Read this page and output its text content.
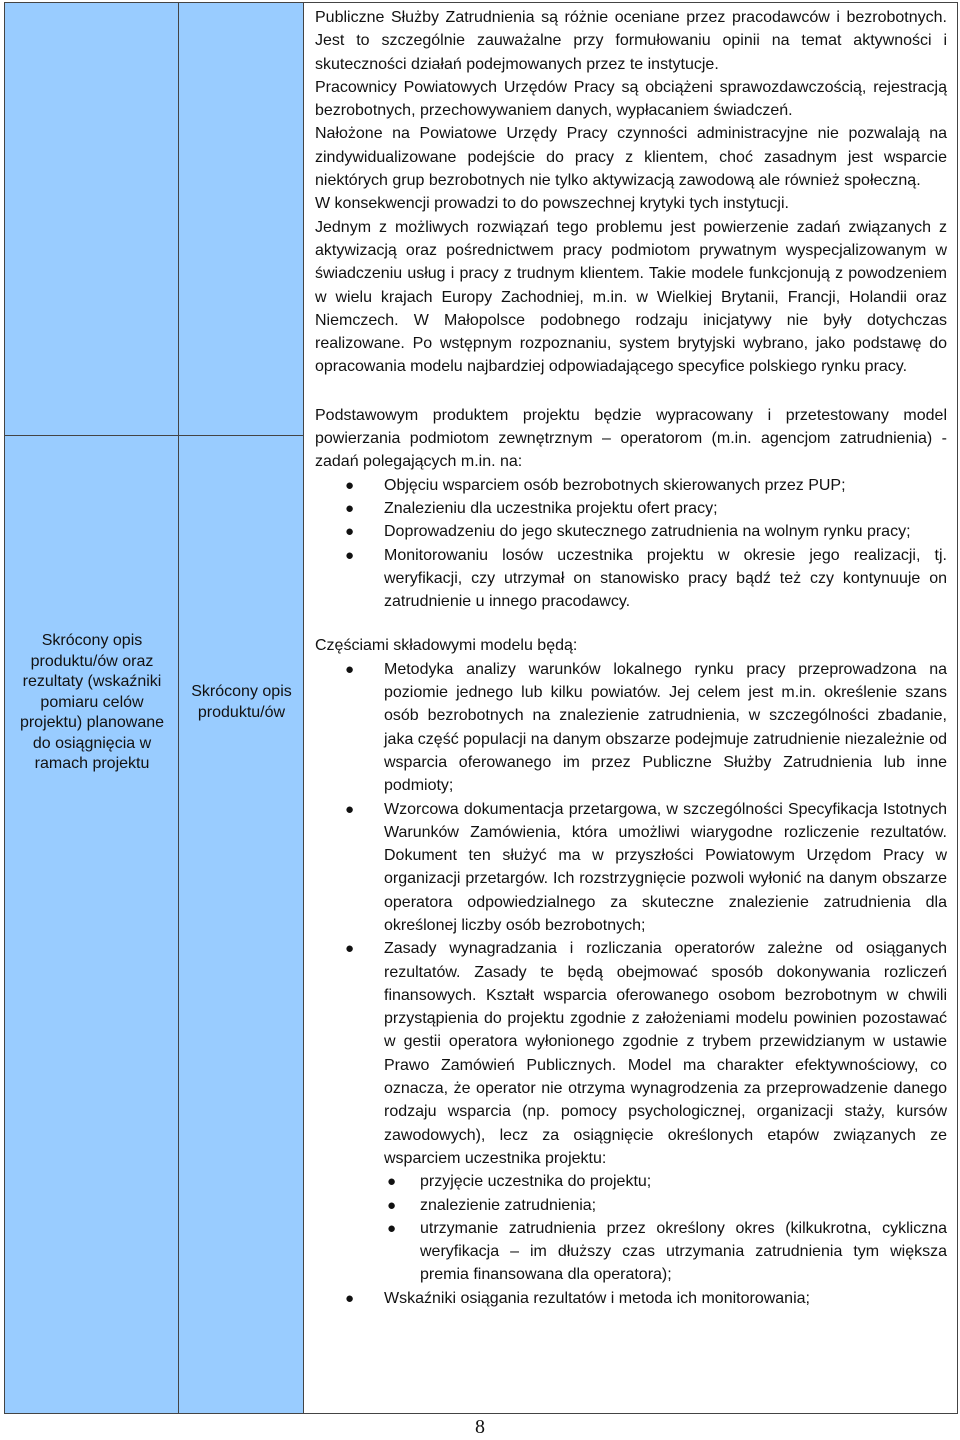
Skrócony opis produktu/ów oraz rezultaty (wskaźniki pomiaru celów projektu) planowane do osiągnięcia w ramach projektu
Skrócony opis produktu/ów

Publiczne Służby Zatrudnienia są różnie oceniane przez pracodawców i bezrobotnych. Jest to szczególnie zauważalne przy formułowaniu opinii na temat aktywności i skuteczności działań podejmowanych przez te instytucje.

Pracownicy Powiatowych Urzędów Pracy są obciążeni sprawozdawczością, rejestracją bezrobotnych, przechowywaniem danych, wypłacaniem świadczeń.

Nałożone na Powiatowe Urzędy Pracy czynności administracyjne nie pozwalają na zindywidualizowane podejście do pracy z klientem, choć zasadnym jest wsparcie niektórych grup bezrobotnych nie tylko aktywizacją zawodową ale również społeczną.

W konsekwencji prowadzi to do powszechnej krytyki tych instytucji.

Jednym z możliwych rozwiązań tego problemu jest powierzenie zadań związanych z aktywizacją oraz pośrednictwem pracy podmiotom prywatnym wyspecjalizowanym w świadczeniu usług i pracy z trudnym klientem. Takie modele funkcjonują z powodzeniem w wielu krajach Europy Zachodniej, m.in. w Wielkiej Brytanii, Francji, Holandii oraz Niemczech. W Małopolsce podobnego rodzaju inicjatywy nie były dotychczas realizowane. Po wstępnym rozpoznaniu, system brytyjski wybrano, jako podstawę do opracowania modelu najbardziej odpowiadającego specyfice polskiego rynku pracy.

Podstawowym produktem projektu będzie wypracowany i przetestowany model powierzania podmiotom zewnętrznym – operatorom (m.in. agencjom zatrudnienia) - zadań polegających m.in. na:

● Objęciu wsparciem osób bezrobotnych skierowanych przez PUP;
● Znalezieniu dla uczestnika projektu ofert pracy;
● Doprowadzeniu do jego skutecznego zatrudnienia na wolnym rynku pracy;
● Monitorowaniu losów uczestnika projektu w okresie jego realizacji, tj. weryfikacji, czy utrzymał on stanowisko pracy bądź też czy kontynuuje on zatrudnienie u innego pracodawcy.

Częściami składowymi modelu będą:

● Metodyka analizy warunków lokalnego rynku pracy przeprowadzona na poziomie jednego lub kilku powiatów. Jej celem jest m.in. określenie szans osób bezrobotnych na znalezienie zatrudnienia, w szczególności zbadanie, jaka część populacji na danym obszarze podejmuje zatrudnienie niezależnie od wsparcia oferowanego im przez Publiczne Służby Zatrudnienia lub inne podmioty;
● Wzorcowa dokumentacja przetargowa, w szczególności Specyfikacja Istotnych Warunków Zamówienia, która umożliwi wiarygodne rozliczenie rezultatów. Dokument ten służyć ma w przyszłości Powiatowym Urzędom Pracy w organizacji przetargów. Ich rozstrzygnięcie pozwoli wyłonić na danym obszarze operatora odpowiedzialnego za skuteczne znalezienie zatrudnienia dla określonej liczby osób bezrobotnych;
● Zasady wynagradzania i rozliczania operatorów zależne od osiąganych rezultatów. Zasady te będą obejmować sposób dokonywania rozliczeń finansowych. Kształt wsparcia oferowanego osobom bezrobotnym w chwili przystąpienia do projektu zgodnie z założeniami modelu powinien pozostawać w gestii operatora wyłonionego zgodnie z trybem przewidzianym w ustawie Prawo Zamówień Publicznych. Model ma charakter efektywnościowy, co oznacza, że operator nie otrzyma wynagrodzenia za przeprowadzenie danego rodzaju wsparcia (np. pomocy psychologicznej, organizacji staży, kursów zawodowych), lecz za osiągnięcie określonych etapów związanych ze wsparciem uczestnika projektu:
● przyjęcie uczestnika do projektu;
● znalezienie zatrudnienia;
● utrzymanie zatrudnienia przez określony okres (kilkukrotna, cykliczna weryfikacja – im dłuższy czas utrzymania zatrudnienia tym większa premia finansowana dla operatora);
● Wskaźniki osiągania rezultatów i metoda ich monitorowania;
8
